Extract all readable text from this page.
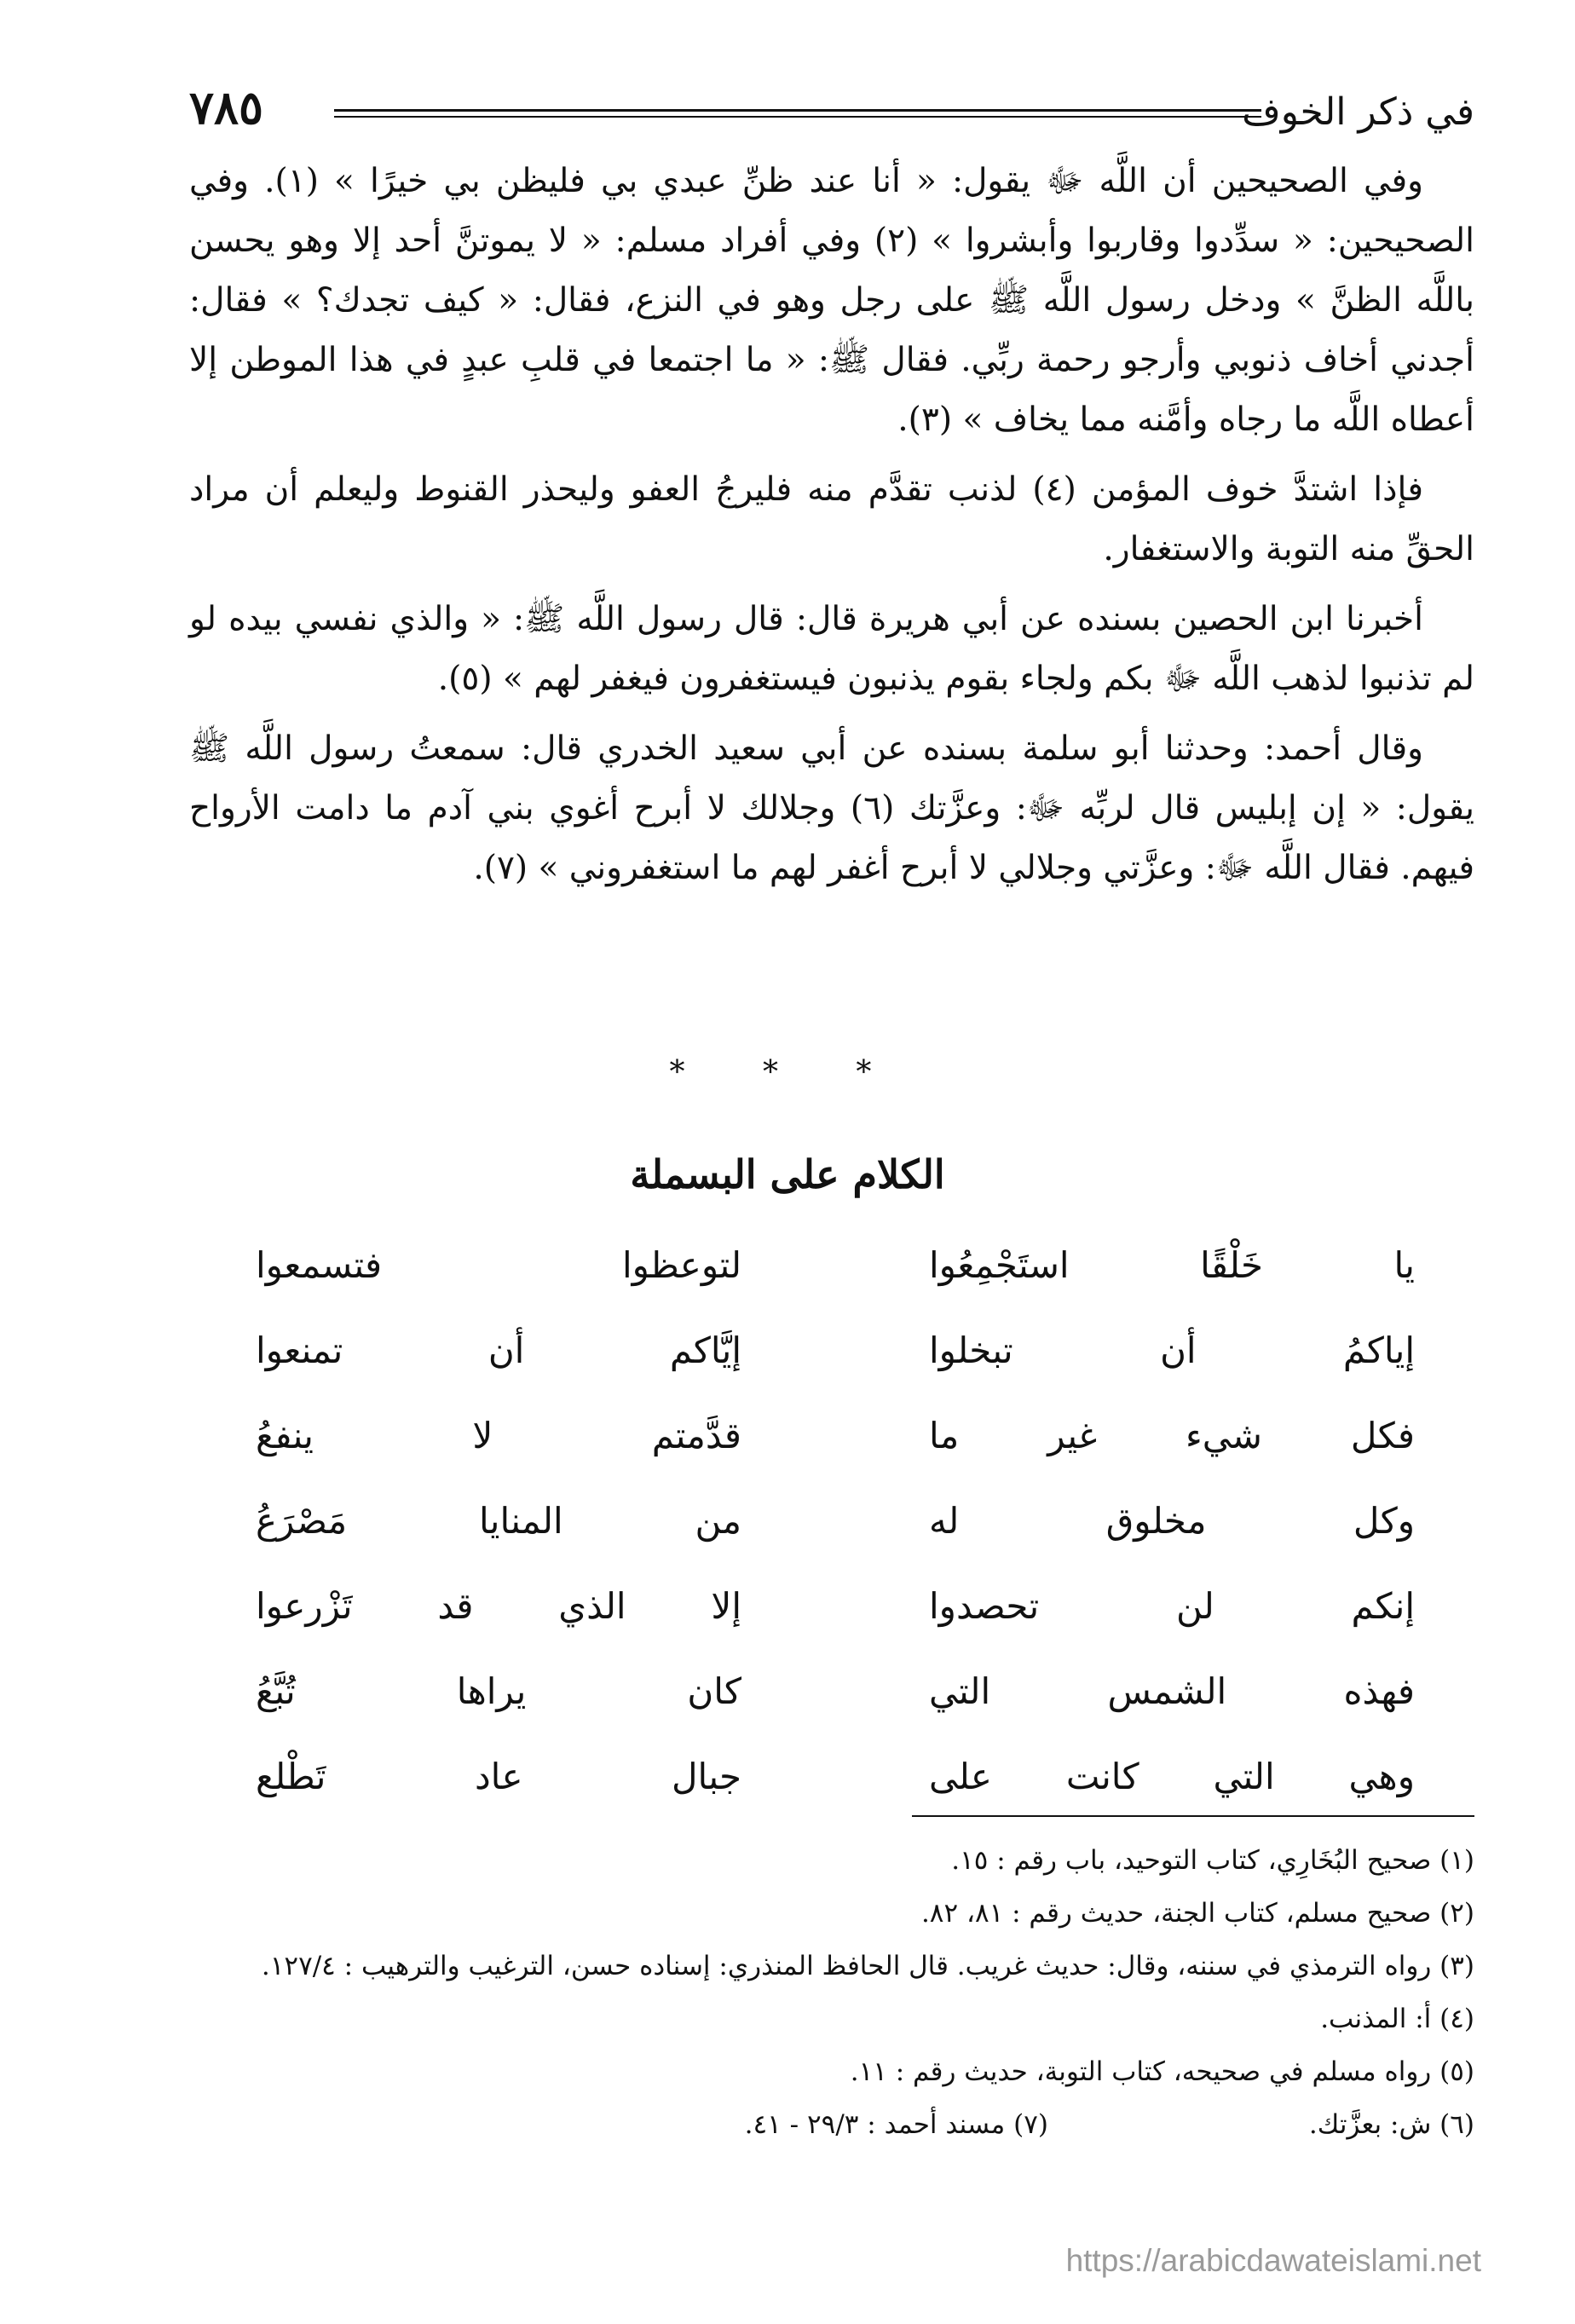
في ذكر الخوف
٧٨٥

وفي الصحيحين أن اللَّه ﷻ يقول: « أنا عند ظنِّ عبدي بي فليظن بي خيرًا » (١). وفي الصحيحين: « سدِّدوا وقاربوا وأبشروا » (٢) وفي أفراد مسلم: « لا يموتنَّ أحد إلا وهو يحسن باللَّه الظنَّ » ودخل رسول اللَّه ﷺ على رجل وهو في النزع، فقال: « كيف تجدك؟ » فقال: أجدني أخاف ذنوبي وأرجو رحمة ربِّي. فقال ﷺ: « ما اجتمعا في قلبِ عبدٍ في هذا الموطن إلا أعطاه اللَّه ما رجاه وأمَّنه مما يخاف » (٣).

فإذا اشتدَّ خوف المؤمن (٤) لذنب تقدَّم منه فليرجُ العفو وليحذر القنوط وليعلم أن مراد الحقِّ منه التوبة والاستغفار.

أخبرنا ابن الحصين بسنده عن أبي هريرة قال: قال رسول اللَّه ﷺ: « والذي نفسي بيده لو لم تذنبوا لذهب اللَّه ﷻ بكم ولجاء بقوم يذنبون فيستغفرون فيغفر لهم » (٥).

وقال أحمد: وحدثنا أبو سلمة بسنده عن أبي سعيد الخدري قال: سمعتُ رسول اللَّه ﷺ يقول: « إن إبليس قال لربِّه ﷻ: وعزَّتك (٦) وجلالك لا أبرح أغوي بني آدم ما دامت الأرواح فيهم. فقال اللَّه ﷻ: وعزَّتي وجلالي لا أبرح أغفر لهم ما استغفروني » (٧).

* * *
الكلام على البسملة
يا خَلْقًا استَجْمِعُوا
لتوعظوا فتسمعوا
إياكمُ أن تبخلوا
إيَّاكم أن تمنعوا
فكل شيء غير ما
قدَّمتم لا ينفعُ
وكل مخلوق له
من المنايا مَصْرَعُ
إنكم لن تحصدوا
إلا الذي قد تَزْرعوا
فهذه الشمس التي
كان يراها تُبَّعُ
وهي التي كانت على
جبال عاد تَطْلع
(١) صحيح البُخَارِي، كتاب التوحيد، باب رقم : ١٥.
(٢) صحيح مسلم، كتاب الجنة، حديث رقم : ٨١، ٨٢.
(٣) رواه الترمذي في سننه، وقال: حديث غريب. قال الحافظ المنذري: إسناده حسن، الترغيب والترهيب : ١٢٧/٤.
(٤) أ: المذنب.
(٥) رواه مسلم في صحيحه، كتاب التوبة، حديث رقم : ١١.
(٦) ش: بعزَّتك.
(٧) مسند أحمد : ٢٩/٣ - ٤١.
https://arabicdawateislami.net
